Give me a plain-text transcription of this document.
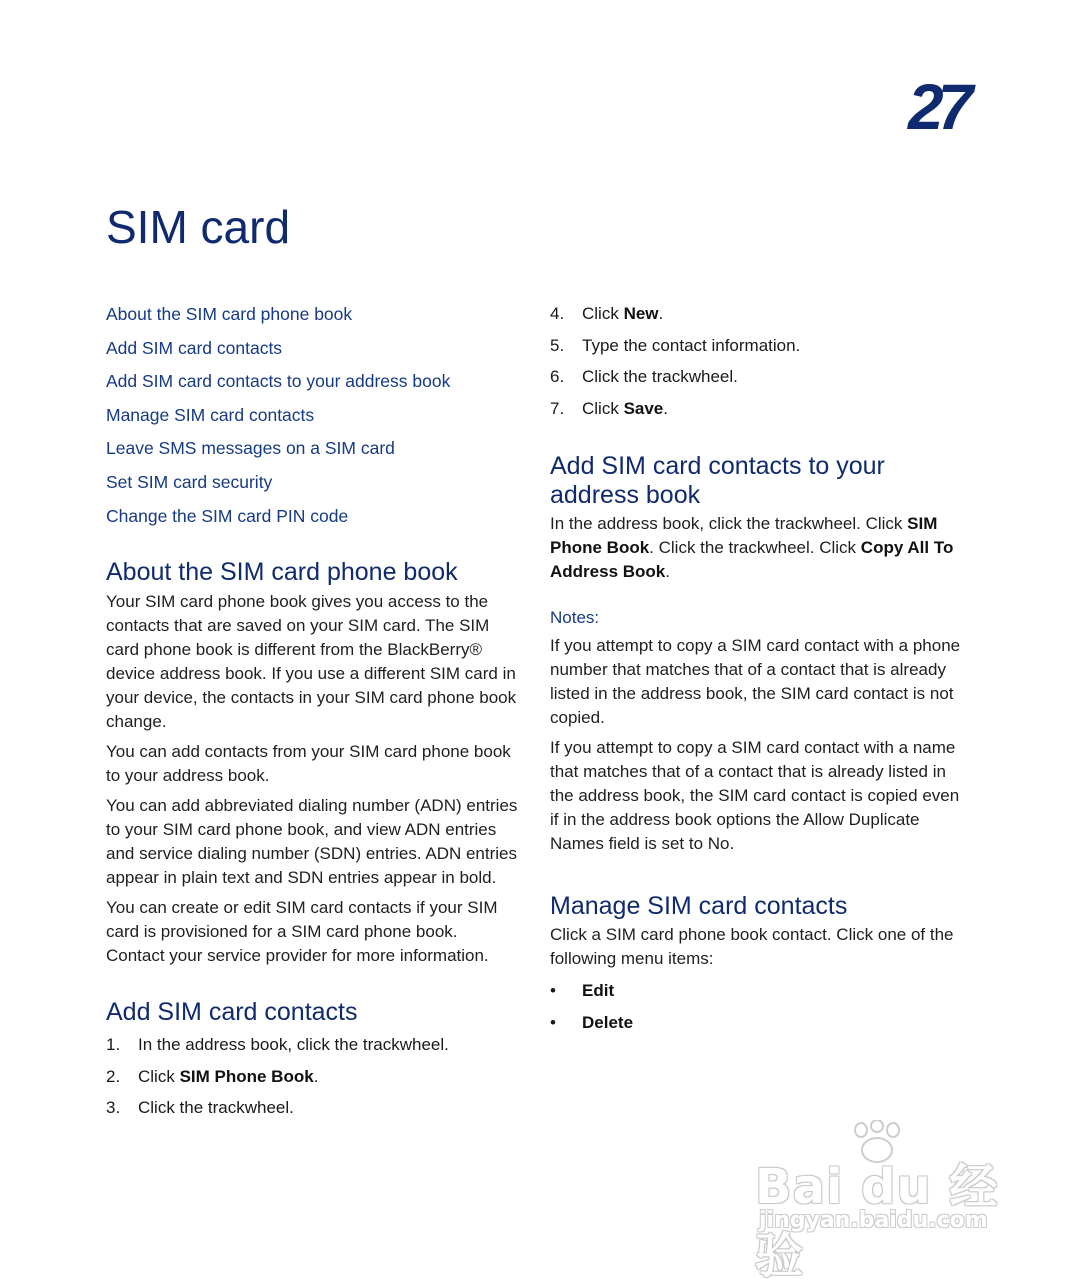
27
SIM card
About the SIM card phone book
Add SIM card contacts
Add SIM card contacts to your address book
Manage SIM card contacts
Leave SMS messages on a SIM card
Set SIM card security
Change the SIM card PIN code
About the SIM card phone book

Your SIM card phone book gives you access to the contacts that are saved on your SIM card. The SIM card phone book is different from the BlackBerry® device address book. If you use a different SIM card in your device, the contacts in your SIM card phone book change.

You can add contacts from your SIM card phone book to your address book.

You can add abbreviated dialing number (ADN) entries to your SIM card phone book, and view ADN entries and service dialing number (SDN) entries. ADN entries appear in plain text and SDN entries appear in bold.

You can create or edit SIM card contacts if your SIM card is provisioned for a SIM card phone book. Contact your service provider for more information.

Add SIM card contacts
1. In the address book, click the trackwheel.
2. Click SIM Phone Book.
3. Click the trackwheel.
4. Click New.
5. Type the contact information.
6. Click the trackwheel.
7. Click Save.
Add SIM card contacts to your address book

In the address book, click the trackwheel. Click SIM Phone Book. Click the trackwheel. Click Copy All To Address Book.

Notes:

If you attempt to copy a SIM card contact with a phone number that matches that of a contact that is already listed in the address book, the SIM card contact is not copied.

If you attempt to copy a SIM card contact with a name that matches that of a contact that is already listed in the address book, the SIM card contact is copied even if in the address book options the Allow Duplicate Names field is set to No.

Manage SIM card contacts

Click a SIM card phone book contact. Click one of the following menu items:

• Edit
• Delete
Bai du 经验
jingyan.baidu.com
